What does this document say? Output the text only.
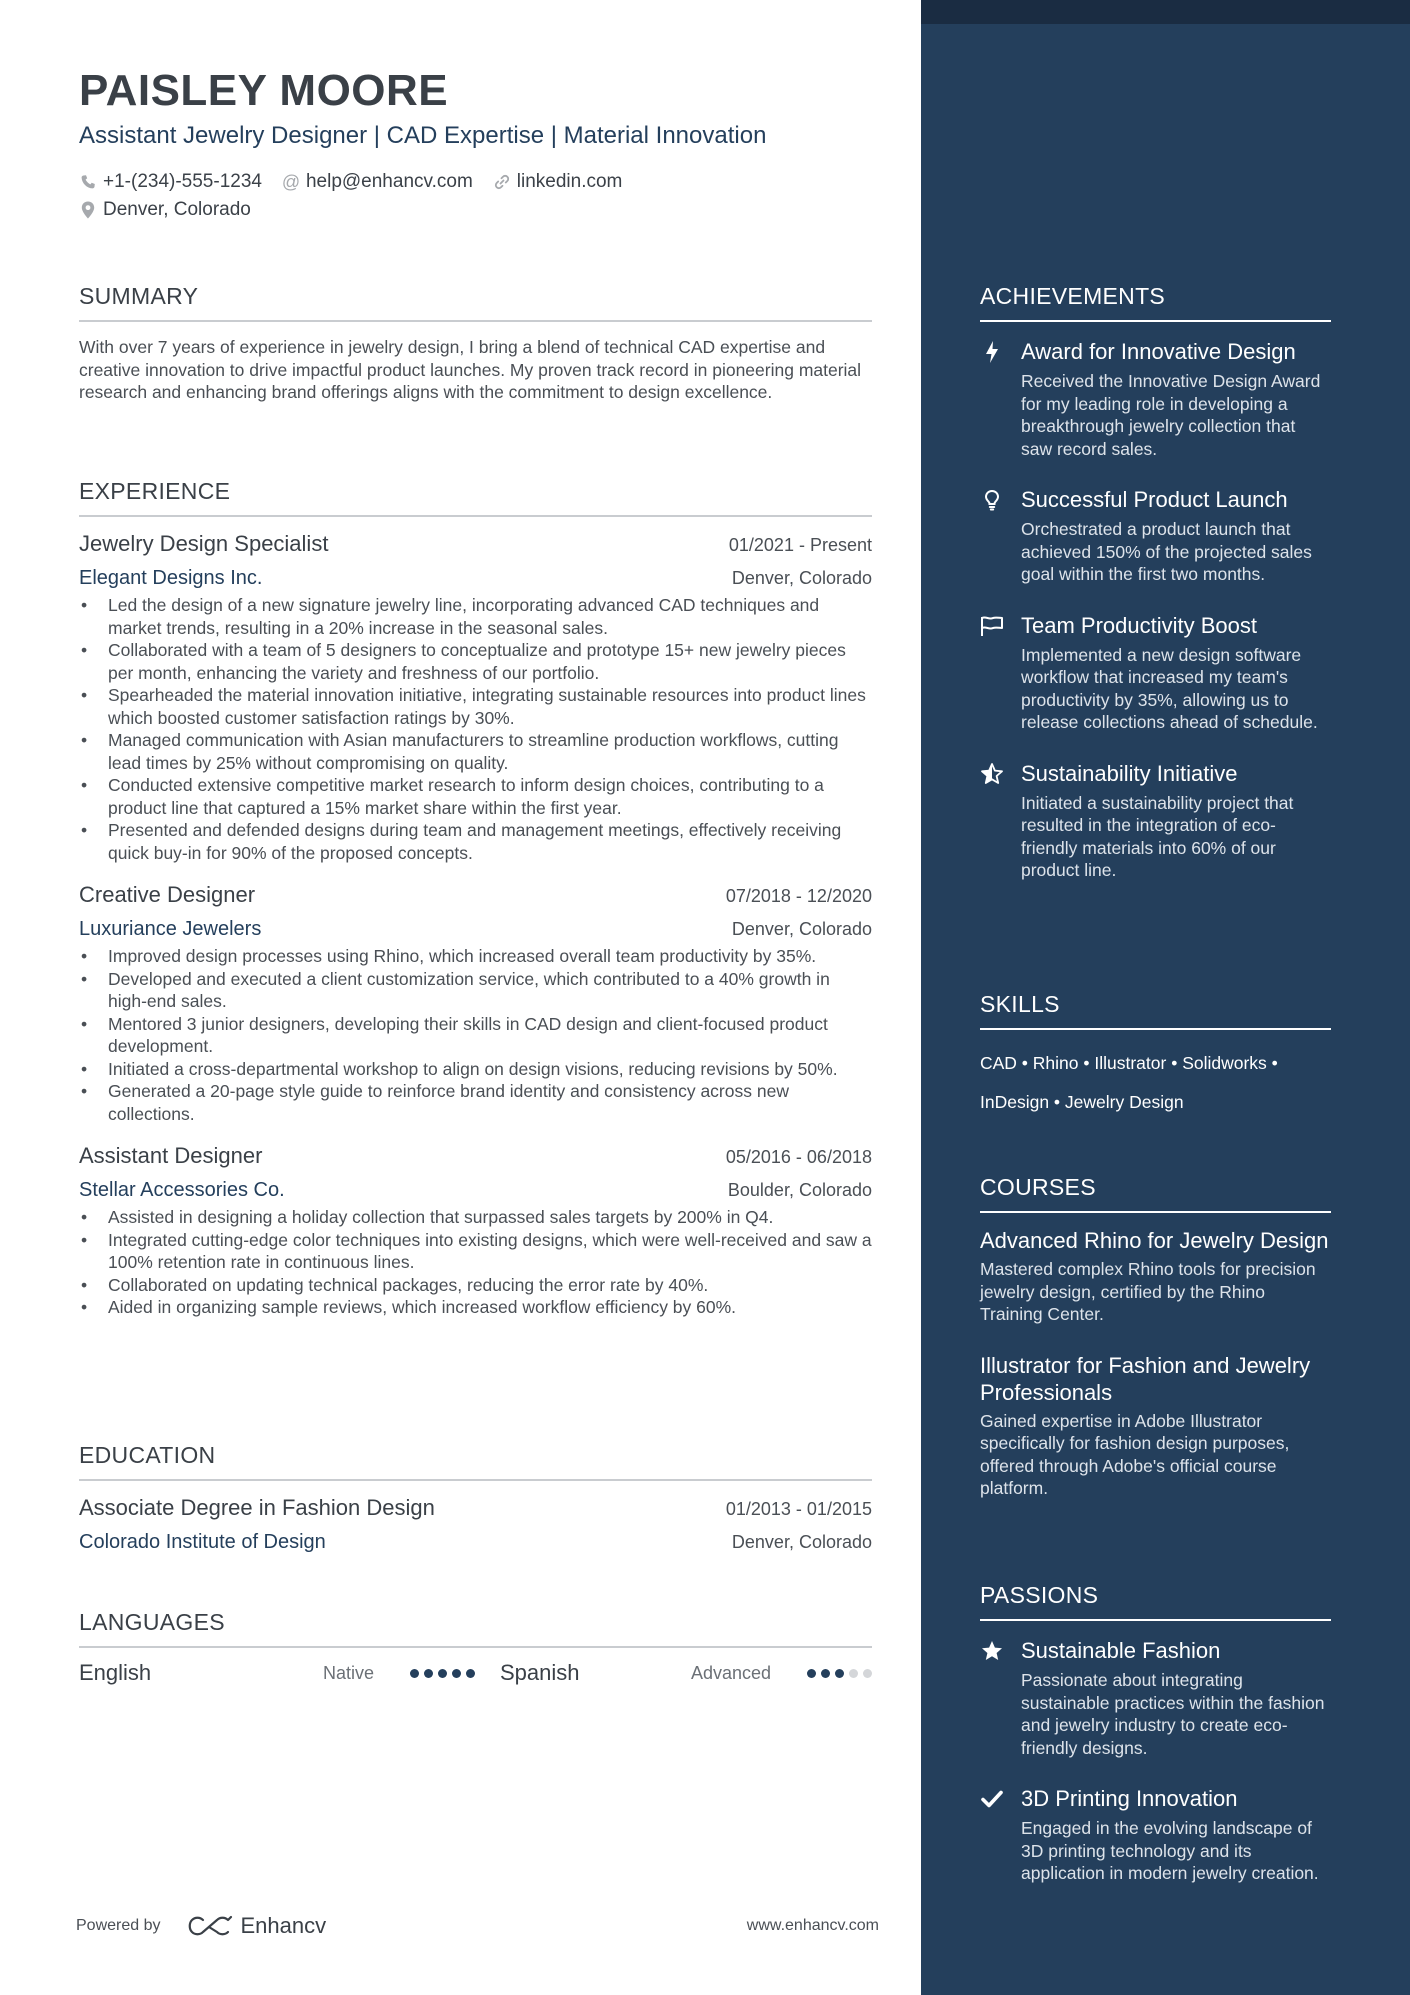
PAISLEY MOORE
Assistant Jewelry Designer | CAD Expertise | Material Innovation
+1-(234)-555-1234 @ help@enhancv.com linkedin.com
Denver, Colorado
SUMMARY

With over 7 years of experience in jewelry design, I bring a blend of technical CAD expertise and creative innovation to drive impactful product launches. My proven track record in pioneering material research and enhancing brand offerings aligns with the commitment to design excellence.

EXPERIENCE
Jewelry Design Specialist	01/2021 - Present
Elegant Designs Inc.	Denver, Colorado
• Led the design of a new signature jewelry line, incorporating advanced CAD techniques and market trends, resulting in a 20% increase in the seasonal sales.
• Collaborated with a team of 5 designers to conceptualize and prototype 15+ new jewelry pieces per month, enhancing the variety and freshness of our portfolio.
• Spearheaded the material innovation initiative, integrating sustainable resources into product lines which boosted customer satisfaction ratings by 30%.
• Managed communication with Asian manufacturers to streamline production workflows, cutting lead times by 25% without compromising on quality.
• Conducted extensive competitive market research to inform design choices, contributing to a product line that captured a 15% market share within the first year.
• Presented and defended designs during team and management meetings, effectively receiving quick buy-in for 90% of the proposed concepts.
Creative Designer	07/2018 - 12/2020
Luxuriance Jewelers	Denver, Colorado
• Improved design processes using Rhino, which increased overall team productivity by 35%.
• Developed and executed a client customization service, which contributed to a 40% growth in high-end sales.
• Mentored 3 junior designers, developing their skills in CAD design and client-focused product development.
• Initiated a cross-departmental workshop to align on design visions, reducing revisions by 50%.
• Generated a 20-page style guide to reinforce brand identity and consistency across new collections.
Assistant Designer	05/2016 - 06/2018
Stellar Accessories Co.	Boulder, Colorado
• Assisted in designing a holiday collection that surpassed sales targets by 200% in Q4.
• Integrated cutting-edge color techniques into existing designs, which were well-received and saw a 100% retention rate in continuous lines.
• Collaborated on updating technical packages, reducing the error rate by 40%.
• Aided in organizing sample reviews, which increased workflow efficiency by 60%.
EDUCATION
Associate Degree in Fashion Design	01/2013 - 01/2015
Colorado Institute of Design	Denver, Colorado
LANGUAGES
English	Native	Spanish	Advanced
Powered by	Enhancv	www.enhancv.com
ACHIEVEMENTS
Award for Innovative Design
Received the Innovative Design Award for my leading role in developing a breakthrough jewelry collection that saw record sales.
Successful Product Launch
Orchestrated a product launch that achieved 150% of the projected sales goal within the first two months.
Team Productivity Boost
Implemented a new design software workflow that increased my team's productivity by 35%, allowing us to release collections ahead of schedule.
Sustainability Initiative
Initiated a sustainability project that resulted in the integration of eco-friendly materials into 60% of our product line.
SKILLS
CAD • Rhino • Illustrator • Solidworks •
InDesign • Jewelry Design
COURSES
Advanced Rhino for Jewelry Design
Mastered complex Rhino tools for precision jewelry design, certified by the Rhino Training Center.
Illustrator for Fashion and Jewelry Professionals
Gained expertise in Adobe Illustrator specifically for fashion design purposes, offered through Adobe's official course platform.
PASSIONS
Sustainable Fashion
Passionate about integrating sustainable practices within the fashion and jewelry industry to create eco-friendly designs.
3D Printing Innovation
Engaged in the evolving landscape of 3D printing technology and its application in modern jewelry creation.
